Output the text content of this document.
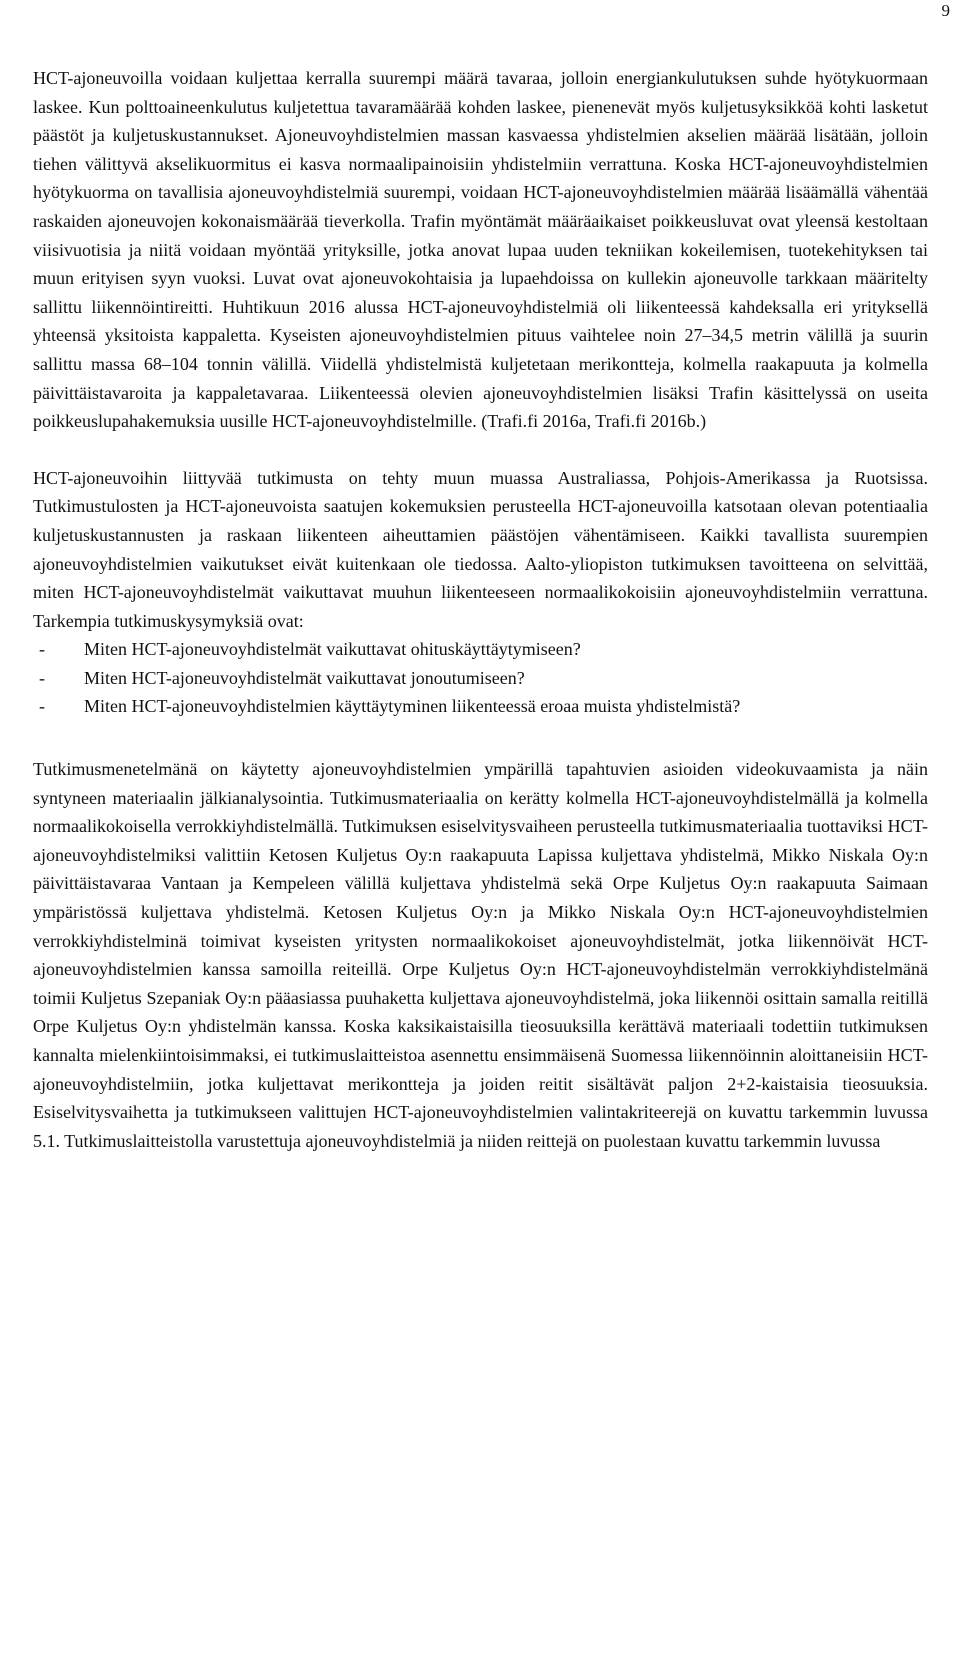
9

HCT-ajoneuvoilla voidaan kuljettaa kerralla suurempi määrä tavaraa, jolloin energiankulutuksen suhde hyötykuormaan laskee. Kun polttoaineenkulutus kuljetettua tavaramäärää kohden laskee, pienenevät myös kuljetusyksikköä kohti lasketut päästöt ja kuljetuskustannukset. Ajoneuvoyhdistelmien massan kasvaessa yhdistelmien akselien määrää lisätään, jolloin tiehen välittyvä akselikuormitus ei kasva normaalipainoisiin yhdistelmiin verrattuna. Koska HCT-ajoneuvoyhdistelmien hyötykuorma on tavallisia ajoneuvoyhdistelmiä suurempi, voidaan HCT-ajoneuvoyhdistelmien määrää lisäämällä vähentää raskaiden ajoneuvojen kokonaismäärää tieverkolla. Trafin myöntämät määräaikaiset poikkeusluvat ovat yleensä kestoltaan viisivuotisia ja niitä voidaan myöntää yrityksille, jotka anovat lupaa uuden tekniikan kokeilemisen, tuotekehityksen tai muun erityisen syyn vuoksi. Luvat ovat ajoneuvokohtaisia ja lupaehdoissa on kullekin ajoneuvolle tarkkaan määritelty sallittu liikennöintireitti. Huhtikuun 2016 alussa HCT-ajoneuvoyhdistelmiä oli liikenteessä kahdeksalla eri yrityksellä yhteensä yksitoista kappaletta. Kyseisten ajoneuvoyhdistelmien pituus vaihtelee noin 27–34,5 metrin välillä ja suurin sallittu massa 68–104 tonnin välillä. Viidellä yhdistelmistä kuljetetaan merikontteja, kolmella raakapuuta ja kolmella päivittäistavaroita ja kappaletavaraa. Liikenteessä olevien ajoneuvoyhdistelmien lisäksi Trafin käsittelyssä on useita poikkeuslupahakemuksia uusille HCT-ajoneuvoyhdistelmille. (Trafi.fi 2016a, Trafi.fi 2016b.)

HCT-ajoneuvoihin liittyvää tutkimusta on tehty muun muassa Australiassa, Pohjois-Amerikassa ja Ruotsissa. Tutkimustulosten ja HCT-ajoneuvoista saatujen kokemuksien perusteella HCT-ajoneuvoilla katsotaan olevan potentiaalia kuljetuskustannusten ja raskaan liikenteen aiheuttamien päästöjen vähentämiseen. Kaikki tavallista suurempien ajoneuvoyhdistelmien vaikutukset eivät kuitenkaan ole tiedossa. Aalto-yliopiston tutkimuksen tavoitteena on selvittää, miten HCT-ajoneuvoyhdistelmät vaikuttavat muuhun liikenteeseen normaalikokoisiin ajoneuvoyhdistelmiin verrattuna. Tarkempia tutkimuskysymyksiä ovat:

- Miten HCT-ajoneuvoyhdistelmät vaikuttavat ohituskäyttäytymiseen?
- Miten HCT-ajoneuvoyhdistelmät vaikuttavat jonoutumiseen?
- Miten HCT-ajoneuvoyhdistelmien käyttäytyminen liikenteessä eroaa muista yhdistelmistä?

Tutkimusmenetelmänä on käytetty ajoneuvoyhdistelmien ympärillä tapahtuvien asioiden videokuvaamista ja näin syntyneen materiaalin jälkianalysointia. Tutkimusmateriaalia on kerätty kolmella HCT-ajoneuvoyhdistelmällä ja kolmella normaalikokoisella verrokkiyhdistelmällä. Tutkimuksen esiselvitysvaiheen perusteella tutkimusmateriaalia tuottaviksi HCT-ajoneuvoyhdistelmiksi valittiin Ketosen Kuljetus Oy:n raakapuuta Lapissa kuljettava yhdistelmä, Mikko Niskala Oy:n päivittäistavaraa Vantaan ja Kempeleen välillä kuljettava yhdistelmä sekä Orpe Kuljetus Oy:n raakapuuta Saimaan ympäristössä kuljettava yhdistelmä. Ketosen Kuljetus Oy:n ja Mikko Niskala Oy:n HCT-ajoneuvoyhdistelmien verrokkiyhdistelminä toimivat kyseisten yritysten normaalikokoiset ajoneuvoyhdistelmät, jotka liikennöivät HCT-ajoneuvoyhdistelmien kanssa samoilla reiteillä. Orpe Kuljetus Oy:n HCT-ajoneuvoyhdistelmän verrokkiyhdistelmänä toimii Kuljetus Szepaniak Oy:n pääasiassa puuhaketta kuljettava ajoneuvoyhdistelmä, joka liikennöi osittain samalla reitillä Orpe Kuljetus Oy:n yhdistelmän kanssa. Koska kaksikaistaisilla tieosuuksilla kerättävä materiaali todettiin tutkimuksen kannalta mielenkiintoisimmaksi, ei tutkimuslaitteistoa asennettu ensimmäisenä Suomessa liikennöinnin aloittaneisiin HCT-ajoneuvoyhdistelmiin, jotka kuljettavat merikontteja ja joiden reitit sisältävät paljon 2+2-kaistaisia tieosuuksia. Esiselvitysvaihetta ja tutkimukseen valittujen HCT-ajoneuvoyhdistelmien valintakriteerejä on kuvattu tarkemmin luvussa 5.1. Tutkimuslaitteistolla varustettuja ajoneuvoyhdistelmiä ja niiden reittejä on puolestaan kuvattu tarkemmin luvussa
